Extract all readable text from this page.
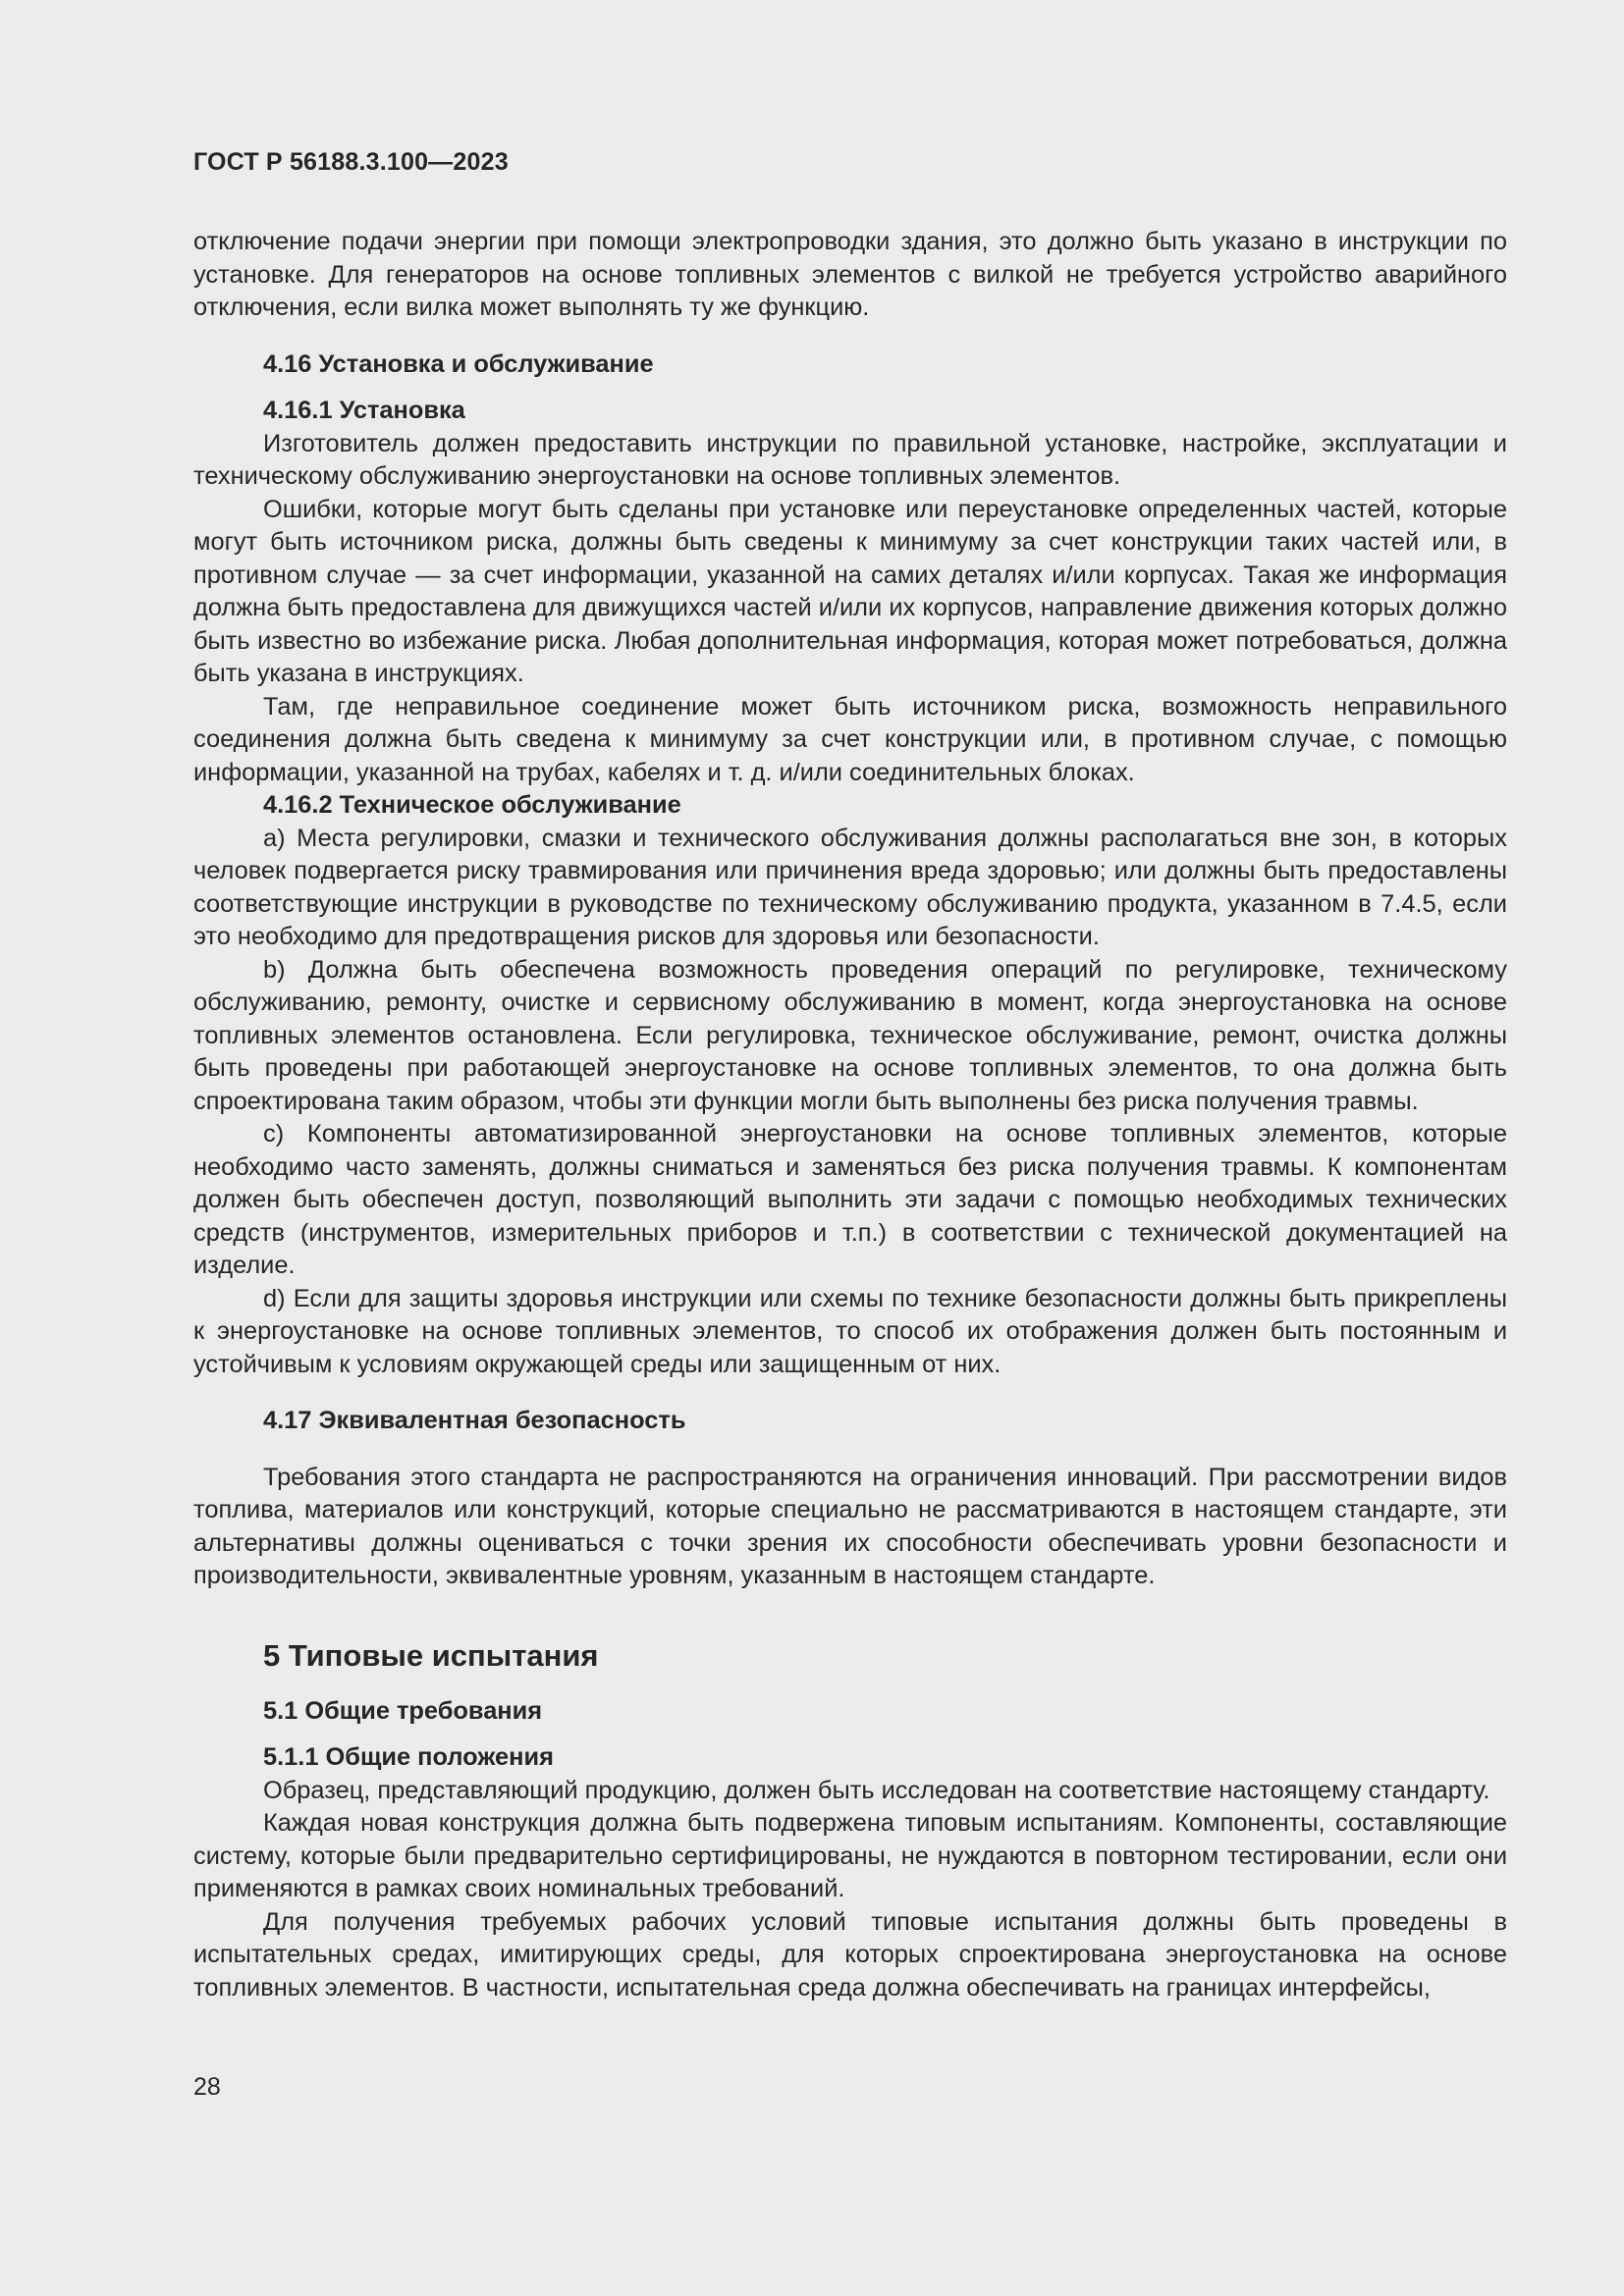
ГОСТ Р 56188.3.100—2023

отключение подачи энергии при помощи электропроводки здания, это должно быть указано в инструкции по установке. Для генераторов на основе топливных элементов с вилкой не требуется устройство аварийного отключения, если вилка может выполнять ту же функцию.

4.16 Установка и обслуживание
4.16.1 Установка

Изготовитель должен предоставить инструкции по правильной установке, настройке, эксплуатации и техническому обслуживанию энергоустановки на основе топливных элементов.

Ошибки, которые могут быть сделаны при установке или переустановке определенных частей, которые могут быть источником риска, должны быть сведены к минимуму за счет конструкции таких частей или, в противном случае — за счет информации, указанной на самих деталях и/или корпусах. Такая же информация должна быть предоставлена для движущихся частей и/или их корпусов, направление движения которых должно быть известно во избежание риска. Любая дополнительная информация, которая может потребоваться, должна быть указана в инструкциях.

Там, где неправильное соединение может быть источником риска, возможность неправильного соединения должна быть сведена к минимуму за счет конструкции или, в противном случае, с помощью информации, указанной на трубах, кабелях и т. д. и/или соединительных блоках.

4.16.2 Техническое обслуживание

a) Места регулировки, смазки и технического обслуживания должны располагаться вне зон, в которых человек подвергается риску травмирования или причинения вреда здоровью; или должны быть предоставлены соответствующие инструкции в руководстве по техническому обслуживанию продукта, указанном в 7.4.5, если это необходимо для предотвращения рисков для здоровья или безопасности.

b) Должна быть обеспечена возможность проведения операций по регулировке, техническому обслуживанию, ремонту, очистке и сервисному обслуживанию в момент, когда энергоустановка на основе топливных элементов остановлена. Если регулировка, техническое обслуживание, ремонт, очистка должны быть проведены при работающей энергоустановке на основе топливных элементов, то она должна быть спроектирована таким образом, чтобы эти функции могли быть выполнены без риска получения травмы.

c) Компоненты автоматизированной энергоустановки на основе топливных элементов, которые необходимо часто заменять, должны сниматься и заменяться без риска получения травмы. К компонентам должен быть обеспечен доступ, позволяющий выполнить эти задачи с помощью необходимых технических средств (инструментов, измерительных приборов и т.п.) в соответствии с технической документацией на изделие.

d) Если для защиты здоровья инструкции или схемы по технике безопасности должны быть прикреплены к энергоустановке на основе топливных элементов, то способ их отображения должен быть постоянным и устойчивым к условиям окружающей среды или защищенным от них.

4.17 Эквивалентная безопасность

Требования этого стандарта не распространяются на ограничения инноваций. При рассмотрении видов топлива, материалов или конструкций, которые специально не рассматриваются в настоящем стандарте, эти альтернативы должны оцениваться с точки зрения их способности обеспечивать уровни безопасности и производительности, эквивалентные уровням, указанным в настоящем стандарте.

5 Типовые испытания
5.1 Общие требования
5.1.1 Общие положения

Образец, представляющий продукцию, должен быть исследован на соответствие настоящему стандарту.

Каждая новая конструкция должна быть подвержена типовым испытаниям. Компоненты, составляющие систему, которые были предварительно сертифицированы, не нуждаются в повторном тестировании, если они применяются в рамках своих номинальных требований.

Для получения требуемых рабочих условий типовые испытания должны быть проведены в испытательных средах, имитирующих среды, для которых спроектирована энергоустановка на основе топливных элементов. В частности, испытательная среда должна обеспечивать на границах интерфейсы,

28
